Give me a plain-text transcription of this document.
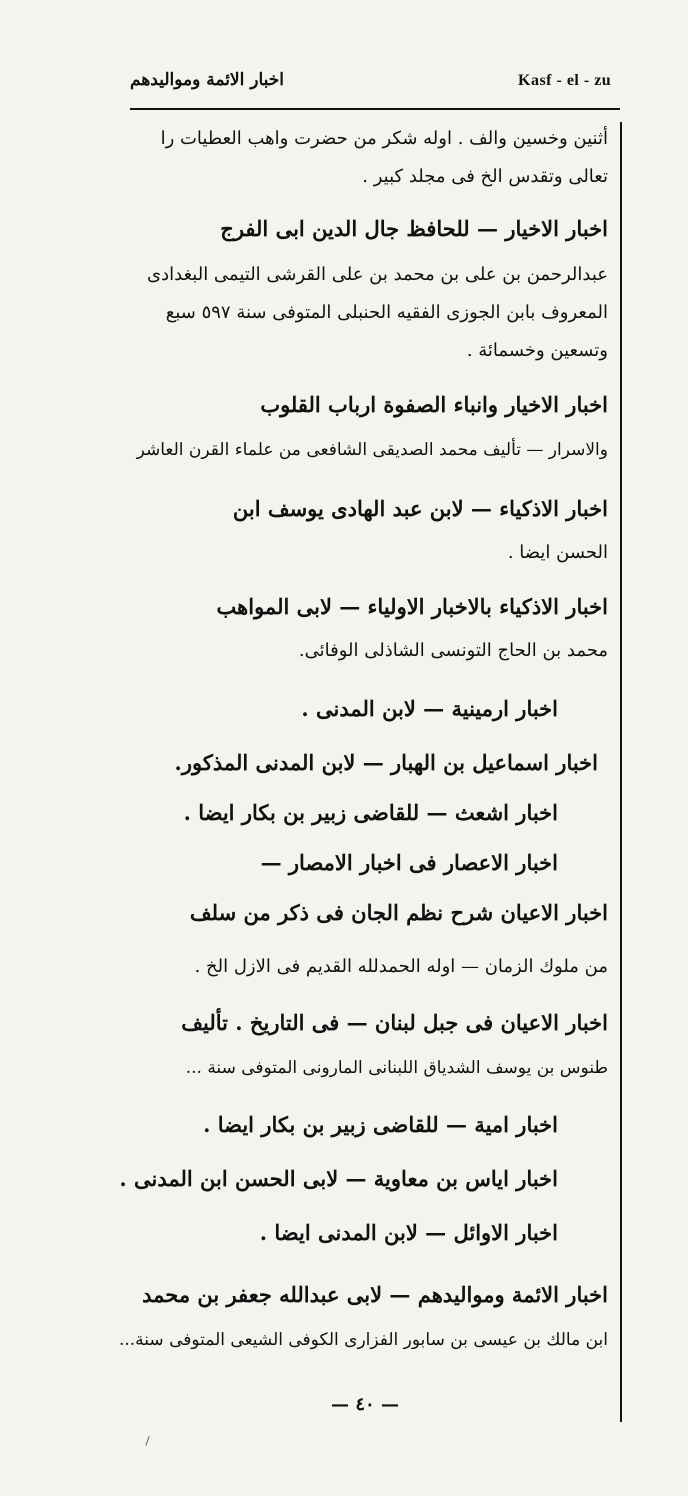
اخبار الائمة ومواليدهم	Kasf - el - zu
أثنين وخسين والف . اوله شكر من حضرت واهب العطيات را
تعالى وتقدس الخ فى مجلد كبير .
اخبار الاخيار — للحافظ جال الدين ابى الفرج
عبدالرحمن بن على بن محمد بن على القرشى التيمى البغدادى
المعروف بابن الجوزى الفقيه الحنبلى المتوفى سنة ٥٩٧ سبع
وتسعين وخسمائة .
اخبار الاخيار وانباء الصفوة ارباب القلوب
والاسرار — تأليف محمد الصديقى الشافعى من علماء القرن العاشر
اخبار الاذكياء — لابن عبد الهادى يوسف ابن
الحسن ايضا .
اخبار الاذكياء بالاخبار الاولياء — لابى المواهب
محمد بن الحاج التونسى الشاذلى الوفائى.
اخبار ارمينية — لابن المدنى .
اخبار اسماعيل بن الهبار — لابن المدنى المذكور.
اخبار اشعث — للقاضى زبير بن بكار ايضا .
اخبار الاعصار فى اخبار الامصار —
اخبار الاعيان شرح نظم الجان فى ذكر من سلف
من ملوك الزمان — اوله الحمدلله القديم فى الازل الخ .
اخبار الاعيان فى جبل لبنان — فى التاريخ . تأليف
طنوس بن يوسف الشدياق اللبنانى المارونى المتوفى سنة ...
اخبار امية — للقاضى زبير بن بكار ايضا .
اخبار اياس بن معاوية — لابى الحسن ابن المدنى .
اخبار الاوائل — لابن المدنى ايضا .
اخبار الائمة ومواليدهم — لابى عبدالله جعفر بن محمد
ابن مالك بن عيسى بن سابور الفزارى الكوفى الشيعى المتوفى سنة...
— ٤٠ —
